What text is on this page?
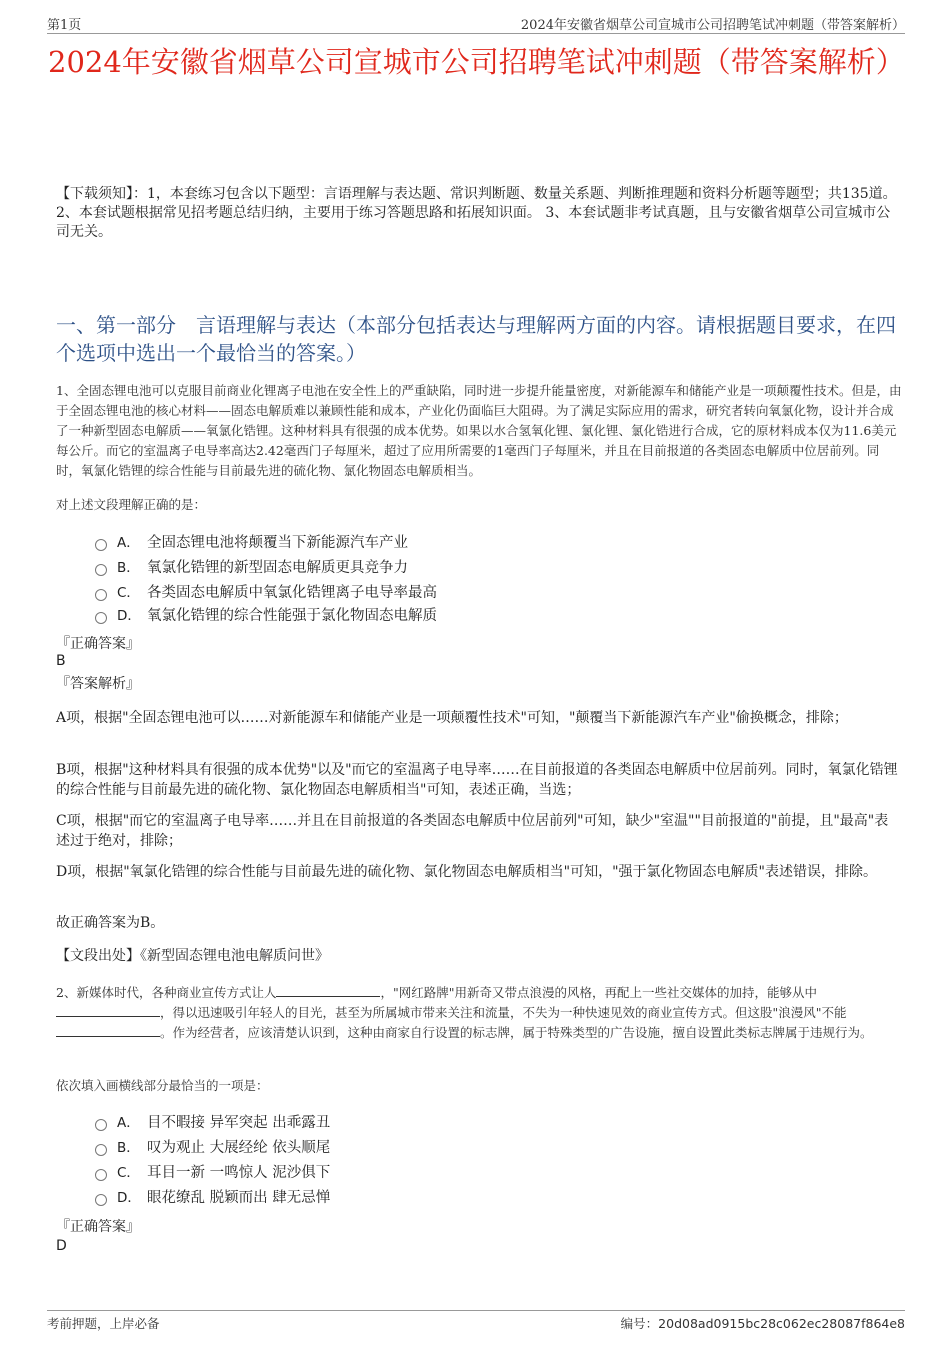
第1页	2024年安徽省烟草公司宣城市公司招聘笔试冲刺题（带答案解析）
2024年安徽省烟草公司宣城市公司招聘笔试冲刺题（带答案解析）
【下载须知】：1，本套练习包含以下题型：言语理解与表达题、常识判断题、数量关系题、判断推理题和资料分析题等题型；共135道。 2、本套试题根据常见招考题总结归纳，主要用于练习答题思路和拓展知识面。 3、本套试题非考试真题，且与安徽省烟草公司宣城市公司无关。
一、第一部分　言语理解与表达（本部分包括表达与理解两方面的内容。请根据题目要求，在四个选项中选出一个最恰当的答案。）
1、全固态锂电池可以克服目前商业化锂离子电池在安全性上的严重缺陷，同时进一步提升能量密度，对新能源车和储能产业是一项颠覆性技术。但是，由于全固态锂电池的核心材料——固态电解质难以兼顾性能和成本，产业化仍面临巨大阻碍。为了满足实际应用的需求，研究者转向氧氯化物，设计并合成了一种新型固态电解质——氧氯化锆锂。这种材料具有很强的成本优势。如果以水合氢氧化锂、氯化锂、氯化锆进行合成，它的原材料成本仅为11.6美元每公斤。而它的室温离子电导率高达2.42毫西门子每厘米，超过了应用所需要的1毫西门子每厘米，并且在目前报道的各类固态电解质中位居前列。同时，氧氯化锆锂的综合性能与目前最先进的硫化物、氯化物固态电解质相当。
对上述文段理解正确的是：
A． 全固态锂电池将颠覆当下新能源汽车产业
B． 氧氯化锆锂的新型固态电解质更具竞争力
C． 各类固态电解质中氧氯化锆锂离子电导率最高
D． 氧氯化锆锂的综合性能强于氯化物固态电解质
『正确答案』
B
『答案解析』
A项，根据"全固态锂电池可以……对新能源车和储能产业是一项颠覆性技术"可知，"颠覆当下新能源汽车产业"偷换概念，排除；
B项，根据"这种材料具有很强的成本优势"以及"而它的室温离子电导率……在目前报道的各类固态电解质中位居前列。同时，氧氯化锆锂的综合性能与目前最先进的硫化物、氯化物固态电解质相当"可知，表述正确，当选；
C项，根据"而它的室温离子电导率……并且在目前报道的各类固态电解质中位居前列"可知，缺少"室温""目前报道的"前提，且"最高"表述过于绝对，排除；
D项，根据"氧氯化锆锂的综合性能与目前最先进的硫化物、氯化物固态电解质相当"可知，"强于氯化物固态电解质"表述错误，排除。
故正确答案为B。
【文段出处】《新型固态锂电池电解质问世》
2、新媒体时代，各种商业宣传方式让人	，"网红路牌"用新奇又带点浪漫的风格，再配上一些社交媒体的加持，能够从中，得以迅速吸引年轻人的目光，甚至为所属城市带来关注和流量，不失为一种快速见效的商业宣传方式。但这股"浪漫风"不能。作为经营者，应该清楚认识到，这种由商家自行设置的标志牌，属于特殊类型的广告设施，擅自设置此类标志牌属于违规行为。
依次填入画横线部分最恰当的一项是：
A． 目不暇接 异军突起 出乖露丑
B． 叹为观止 大展经纶 依头顺尾
C． 耳目一新 一鸣惊人 泥沙俱下
D． 眼花缭乱 脱颖而出 肆无忌惮
『正确答案』
D
考前押题，上岸必备	编号：20d08ad0915bc28c062ec28087f864e8
